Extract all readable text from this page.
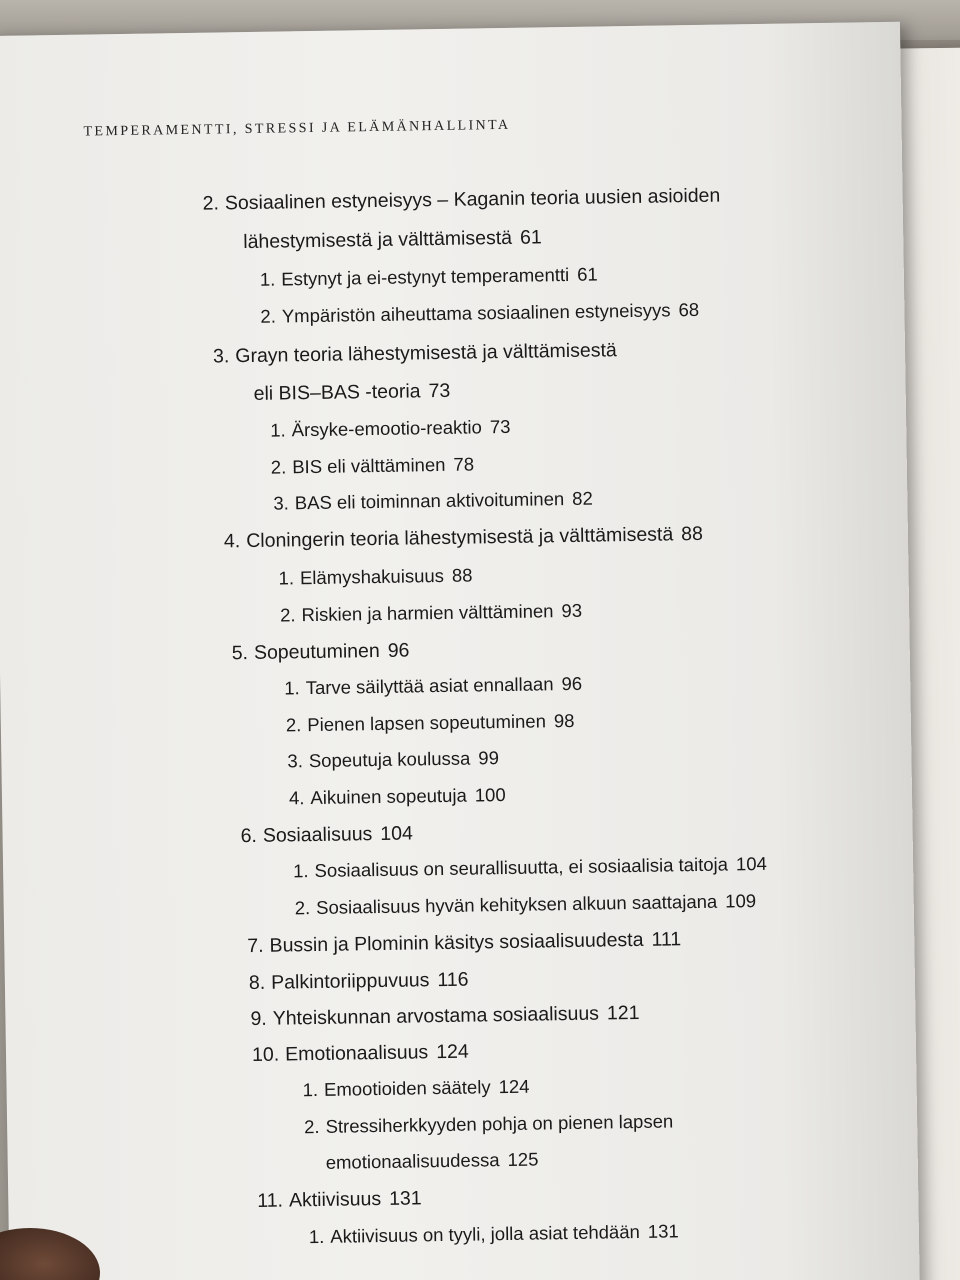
TEMPERAMENTTI, STRESSI JA ELÄMÄNHALLINTA
2. Sosiaalinen estyneisyys – Kaganin teoria uusien asioiden
lähestymisestä ja välttämisestä 61
1. Estynyt ja ei-estynyt temperamentti 61
2. Ympäristön aiheuttama sosiaalinen estyneisyys 68
3. Grayn teoria lähestymisestä ja välttämisestä
eli BIS–BAS -teoria 73
1. Ärsyke-emootio-reaktio 73
2. BIS eli välttäminen 78
3. BAS eli toiminnan aktivoituminen 82
4. Cloningerin teoria lähestymisestä ja välttämisestä 88
1. Elämyshakuisuus 88
2. Riskien ja harmien välttäminen 93
5. Sopeutuminen 96
1. Tarve säilyttää asiat ennallaan 96
2. Pienen lapsen sopeutuminen 98
3. Sopeutuja koulussa 99
4. Aikuinen sopeutuja 100
6. Sosiaalisuus 104
1. Sosiaalisuus on seurallisuutta, ei sosiaalisia taitoja 104
2. Sosiaalisuus hyvän kehityksen alkuun saattajana 109
7. Bussin ja Plominin käsitys sosiaalisuudesta 111
8. Palkintoriippuvuus 116
9. Yhteiskunnan arvostama sosiaalisuus 121
10. Emotionaalisuus 124
1. Emootioiden säätely 124
2. Stressiherkkyyden pohja on pienen lapsen
emotionaalisuudessa 125
11. Aktiivisuus 131
1. Aktiivisuus on tyyli, jolla asiat tehdään 131
